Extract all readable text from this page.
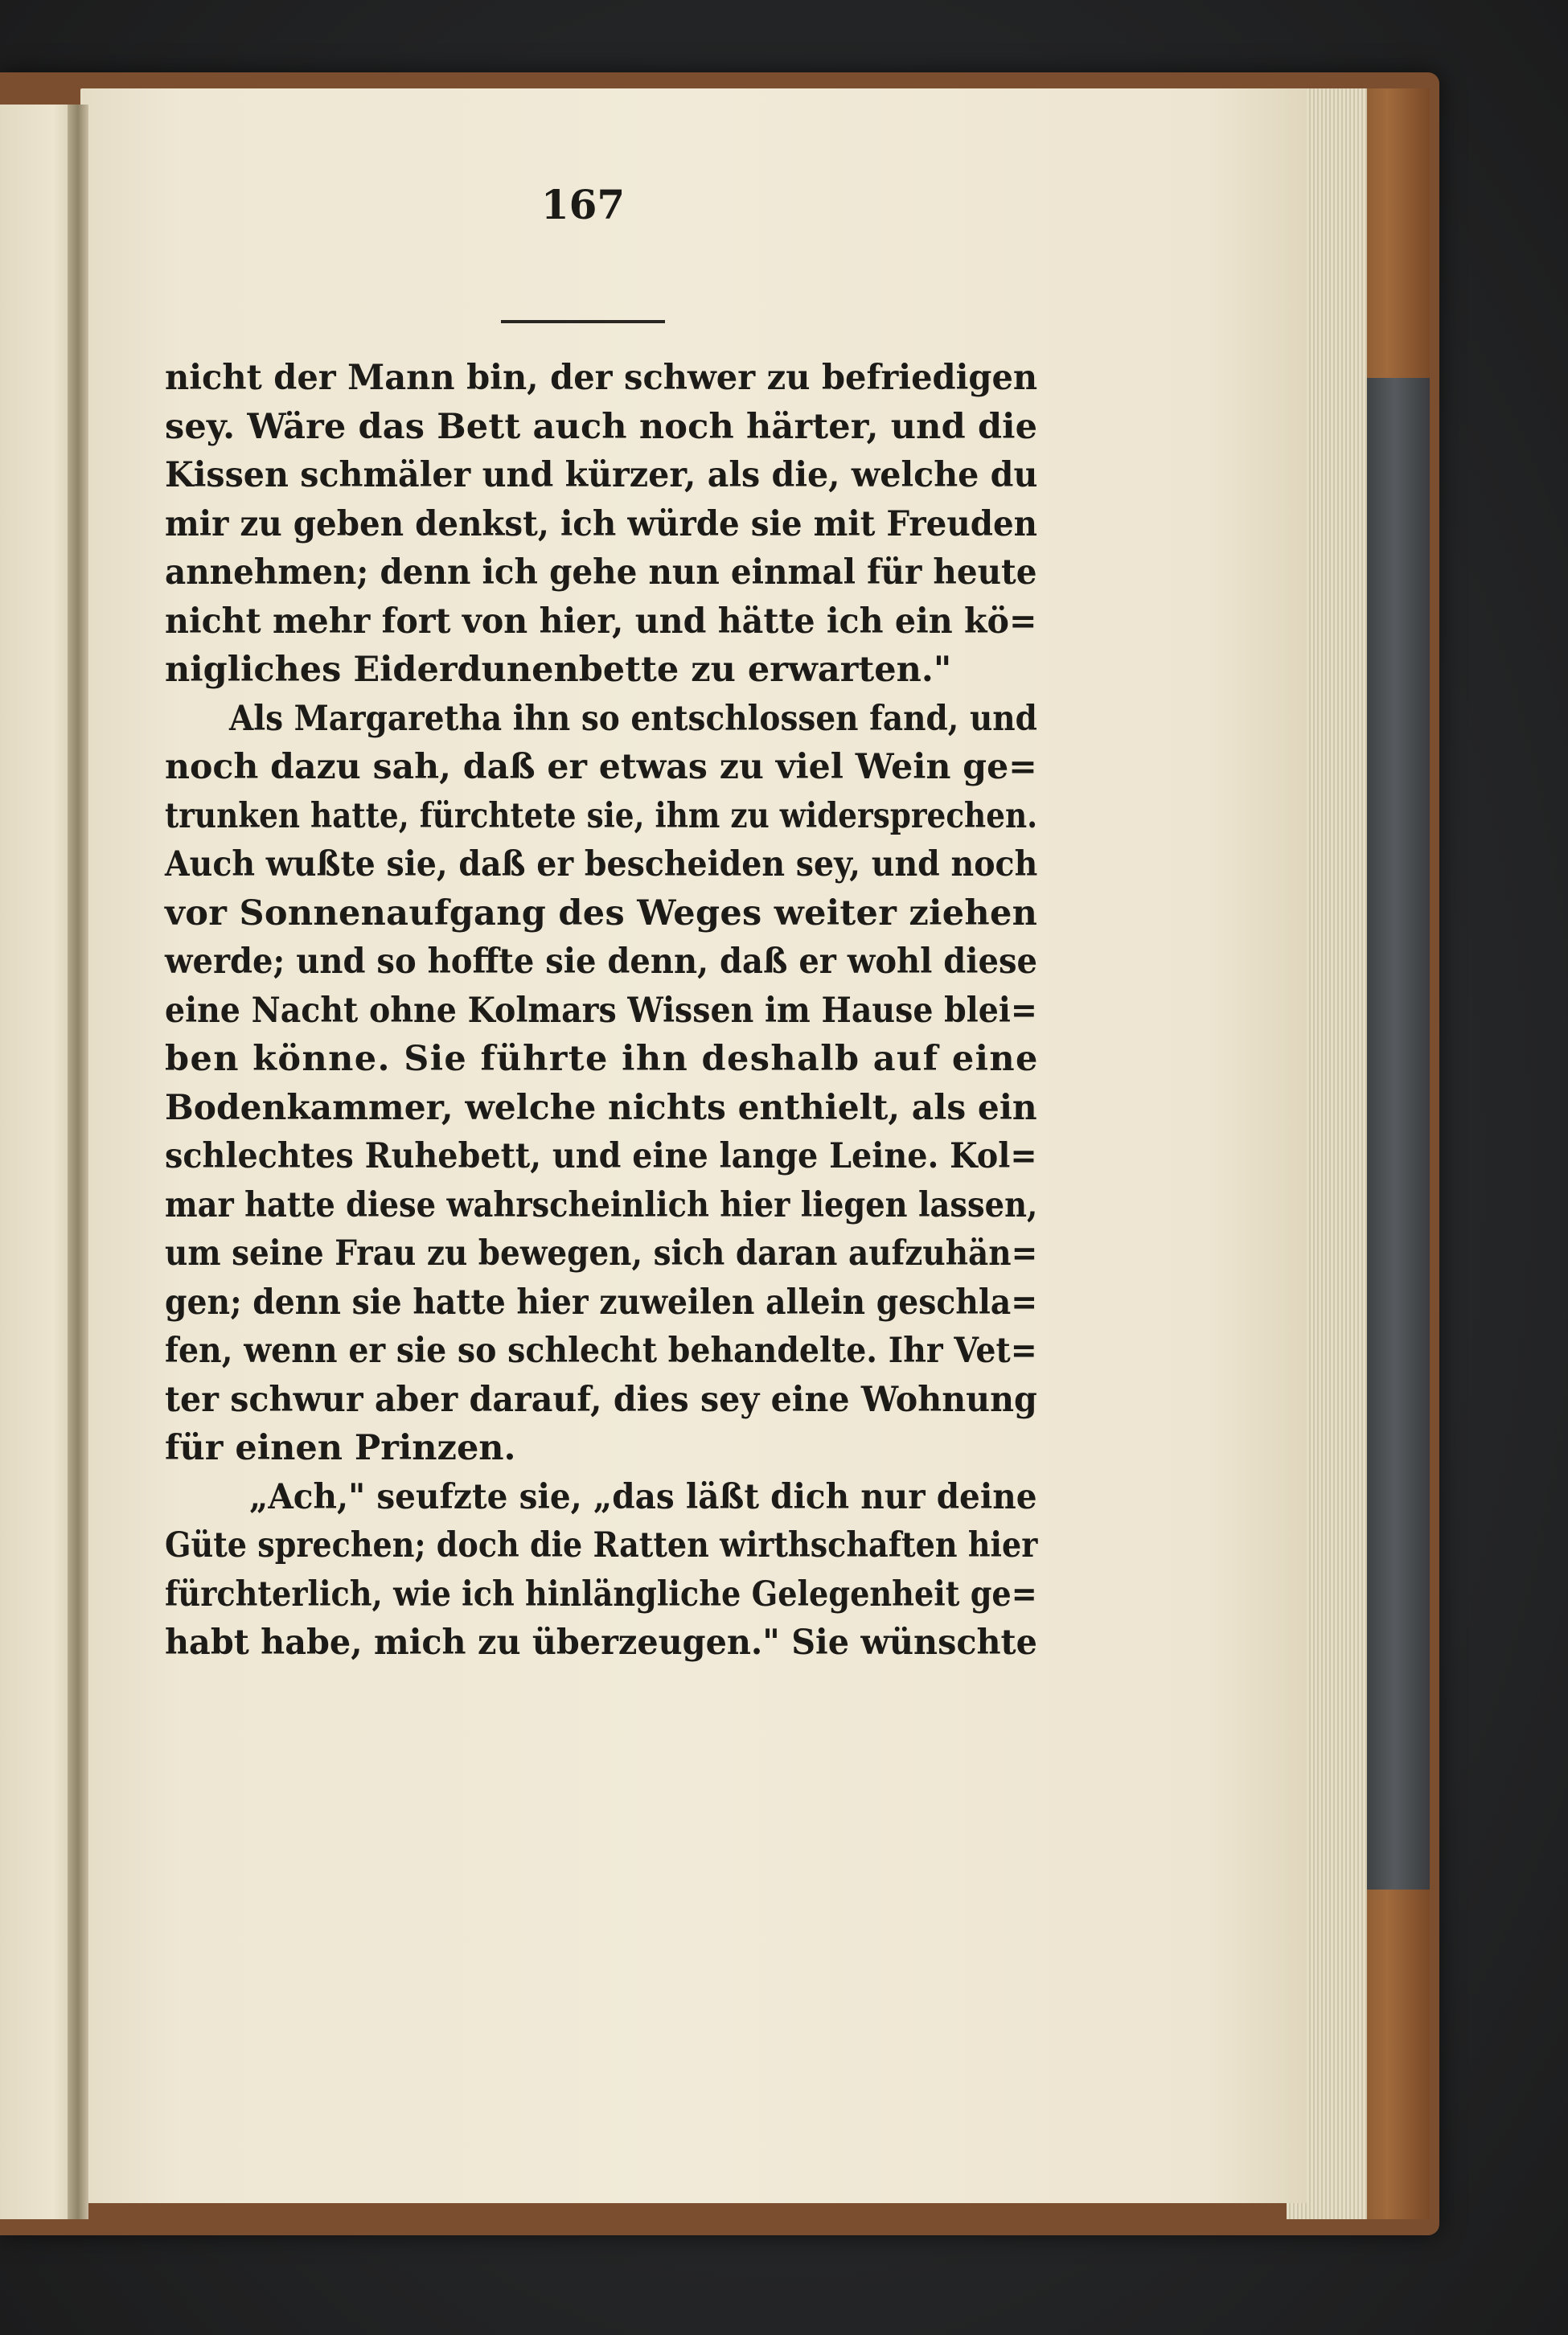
167
nicht der Mann bin, der schwer zu befriedigen
sey. Wäre das Bett auch noch härter, und die
Kissen schmäler und kürzer, als die, welche du
mir zu geben denkst, ich würde sie mit Freuden
annehmen; denn ich gehe nun einmal für heute
nicht mehr fort von hier, und hätte ich ein kö=
nigliches Eiderdunenbette zu erwarten."
Als Margaretha ihn so entschlossen fand, und
noch dazu sah, daß er etwas zu viel Wein ge=
trunken hatte, fürchtete sie, ihm zu widersprechen.
Auch wußte sie, daß er bescheiden sey, und noch
vor Sonnenaufgang des Weges weiter ziehen
werde; und so hoffte sie denn, daß er wohl diese
eine Nacht ohne Kolmars Wissen im Hause blei=
ben könne. Sie führte ihn deshalb auf eine
Bodenkammer, welche nichts enthielt, als ein
schlechtes Ruhebett, und eine lange Leine. Kol=
mar hatte diese wahrscheinlich hier liegen lassen,
um seine Frau zu bewegen, sich daran aufzuhän=
gen; denn sie hatte hier zuweilen allein geschla=
fen, wenn er sie so schlecht behandelte. Ihr Vet=
ter schwur aber darauf, dies sey eine Wohnung
für einen Prinzen.
„Ach," seufzte sie, „das läßt dich nur deine
Güte sprechen; doch die Ratten wirthschaften hier
fürchterlich, wie ich hinlängliche Gelegenheit ge=
habt habe, mich zu überzeugen." Sie wünschte
